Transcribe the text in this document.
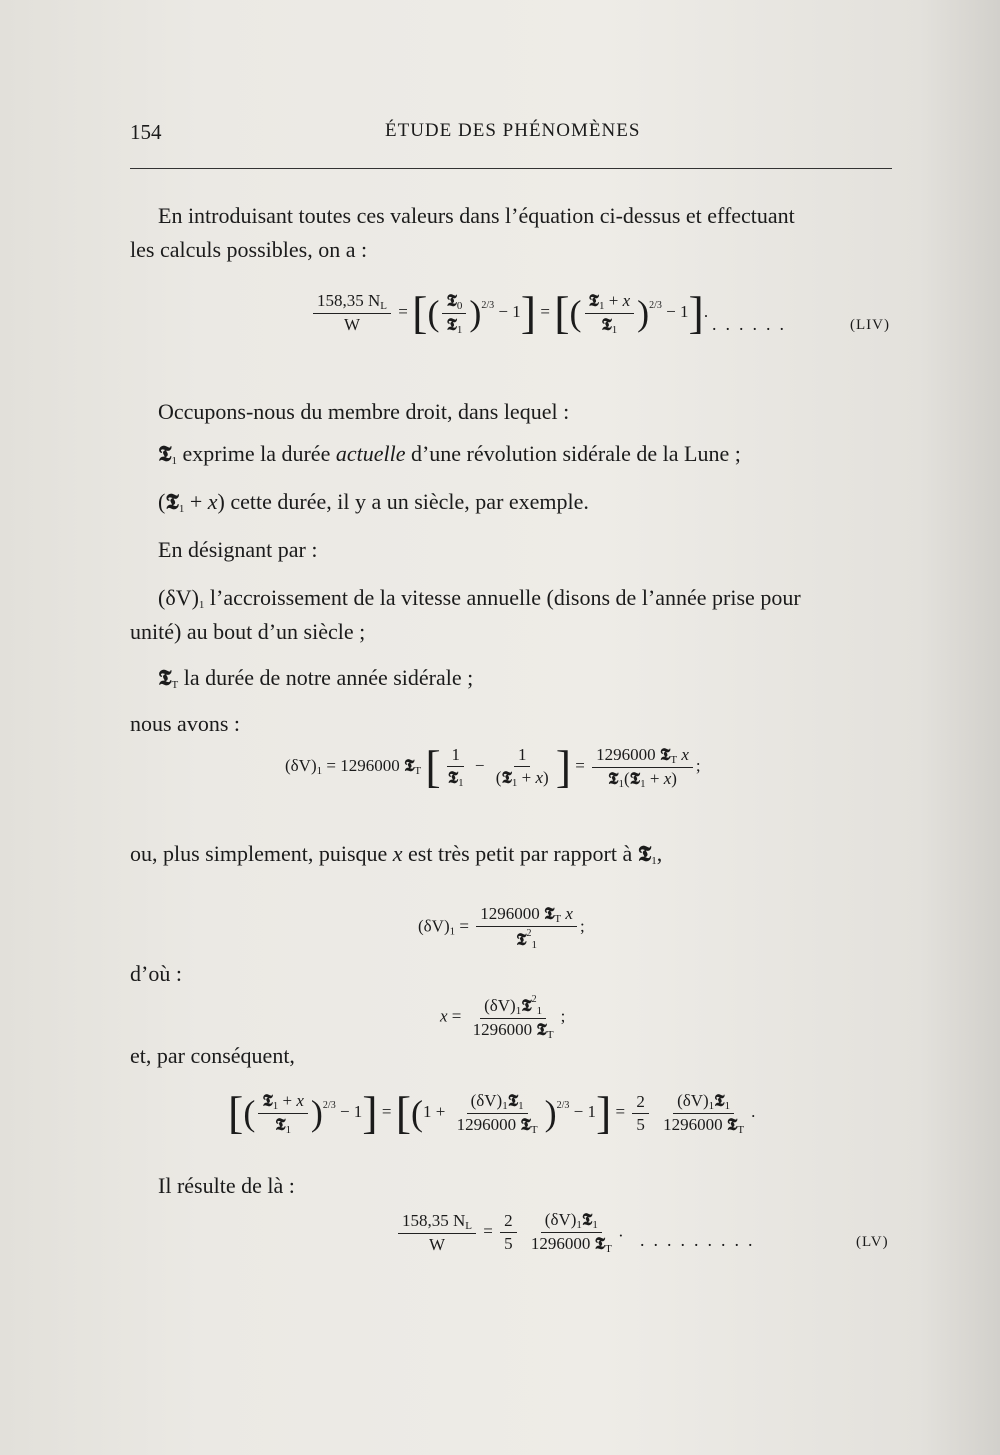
154	ÉTUDE DES PHÉNOMÈNES
En introduisant toutes ces valeurs dans l’équation ci-dessus et effectuant
les calculs possibles, on a :
$\frac{158,35 N_L}{W}$ = [( $\frac{𝕿_0}{𝕿_1} )^{2/3} - 1$] = [( $\frac{𝕿_1 + x}{𝕿_1} )^{2/3} - 1$].
......	(LIV)
Occupons-nous du membre droit, dans lequel :
𝕿$_1$ exprime la durée actuelle d’une révolution sidérale de la Lune ;
(𝕿$_1$ + x) cette durée, il y a un siècle, par exemple.
En désignant par :
$(\delta V)_1$ l’accroissement de la vitesse annuelle (disons de l’année prise pour
unité) au bout d’un siècle ;
𝕿$_T$ la durée de notre année sidérale ;
nous avons :
$(\delta V)_1 = 1296000$ 𝕿$_T$ [ $\frac{1}{𝕿_1} - \frac{1}{(𝕿_1 + x)}$ ] = $\frac{1296000 𝕿_T x}{𝕿_1(𝕿_1 + x)}$ ;
ou, plus simplement, puisque x est très petit par rapport à 𝕿$_1$,
$(\delta V)_1 = \frac{1296000 𝕿_T x}{𝕿^2_1}$ ;
d’où :
$x = \frac{(\delta V)_1𝕿^2_1}{1296000 𝕿_T}$ ;
et, par conséquent,
[( $\frac{𝕿_1 + x}{𝕿_1} )^{2/3} - 1] = [(1 + \frac{(\delta V)_1𝕿_1}{1296000 𝕿_T} )^{2/3} - 1] = \frac{2}{5}$
$\frac{(\delta V)_1𝕿_1}{1296000 𝕿_T}$ .
Il résulte de là :
$\frac{158,35 N_L}{W} = \frac{2}{5}$
$\frac{(\delta V)_1𝕿_1}{1296000 𝕿_T}$ . .........	(LV)
